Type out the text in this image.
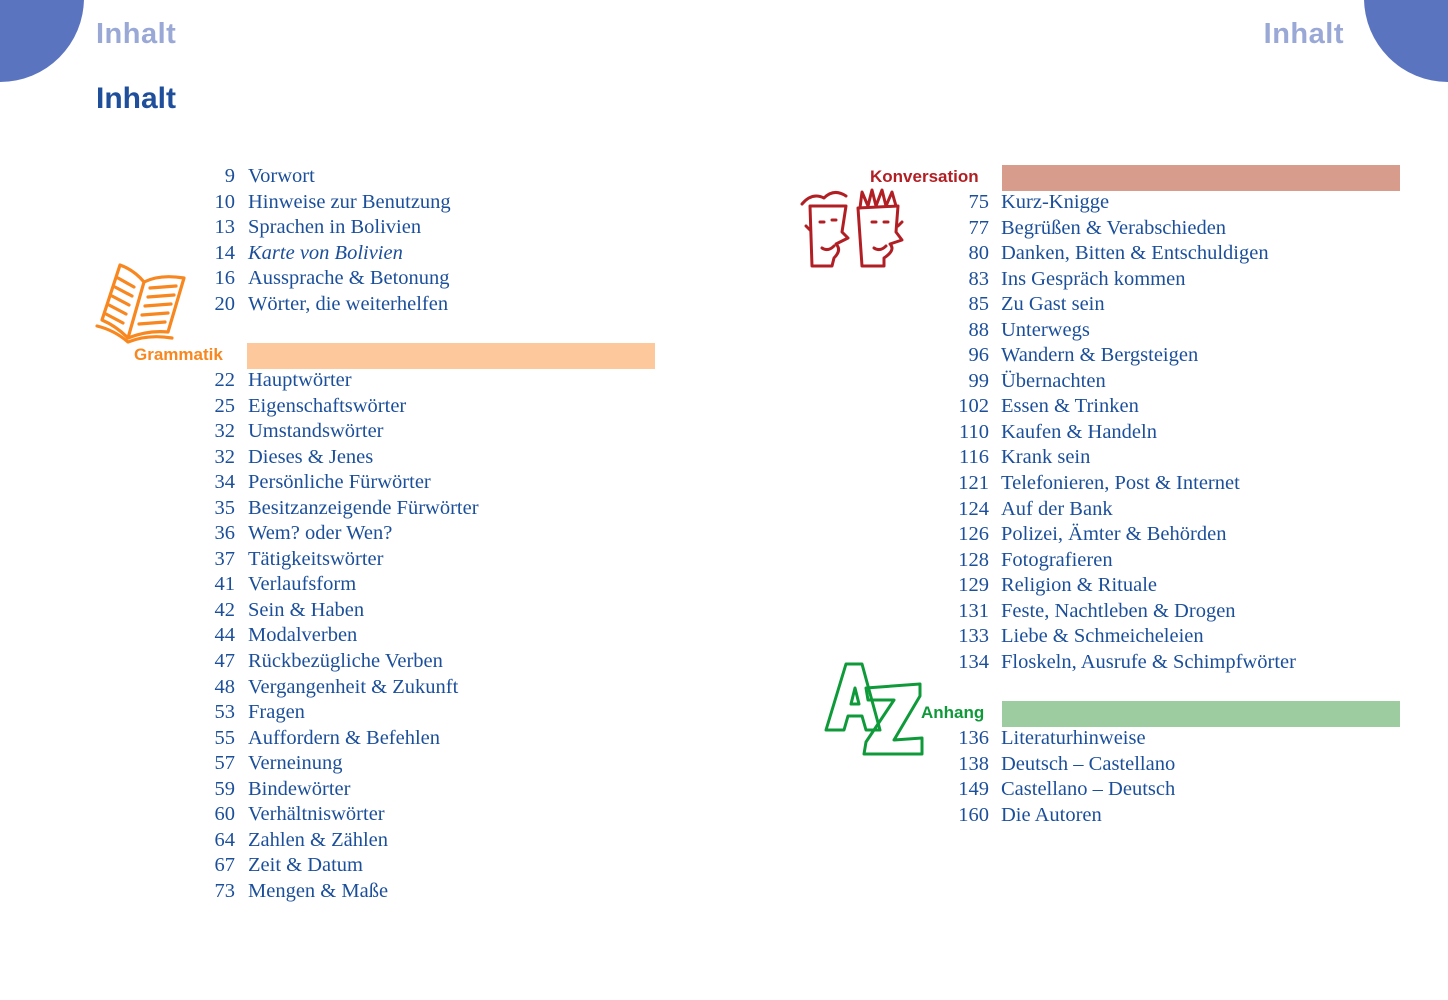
Inhalt	Inhalt
Inhalt
9 Vorwort
10 Hinweise zur Benutzung
13 Sprachen in Bolivien
14 Karte von Bolivien
16 Aussprache & Betonung
20 Wörter, die weiterhelfen
Grammatik
22 Hauptwörter
25 Eigenschaftswörter
32 Umstandswörter
32 Dieses & Jenes
34 Persönliche Fürwörter
35 Besitzanzeigende Fürwörter
36 Wem? oder Wen?
37 Tätigkeitswörter
41 Verlaufsform
42 Sein & Haben
44 Modalverben
47 Rückbezügliche Verben
48 Vergangenheit & Zukunft
53 Fragen
55 Auffordern & Befehlen
57 Verneinung
59 Bindewörter
60 Verhältniswörter
64 Zahlen & Zählen
67 Zeit & Datum
73 Mengen & Maße
Konversation
75 Kurz-Knigge
77 Begrüßen & Verabschieden
80 Danken, Bitten & Entschuldigen
83 Ins Gespräch kommen
85 Zu Gast sein
88 Unterwegs
96 Wandern & Bergsteigen
99 Übernachten
102 Essen & Trinken
110 Kaufen & Handeln
116 Krank sein
121 Telefonieren, Post & Internet
124 Auf der Bank
126 Polizei, Ämter & Behörden
128 Fotografieren
129 Religion & Rituale
131 Feste, Nachtleben & Drogen
133 Liebe & Schmeicheleien
134 Floskeln, Ausrufe & Schimpfwörter
Anhang
136 Literaturhinweise
138 Deutsch – Castellano
149 Castellano – Deutsch
160 Die Autoren
